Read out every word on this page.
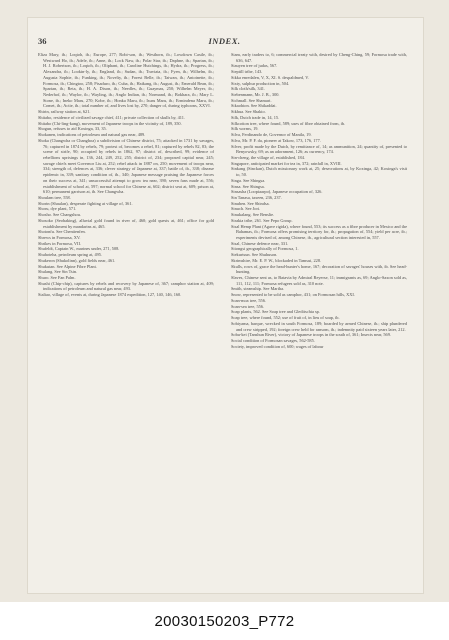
36	INDEX.

Eliza Mary, ib.; Loqtoh, ib.; Europe, 277; Robi-son, ib.; Westhorn, ib.; Lowdown Castle, ib.; Westward Ho, ib.; Adele, ib.; Anne, ib.; Lock Naw, ib.; Polar Star, ib.; Daphne, ib.; Spartan, ib.; H. J. Robertson, ib.; Loqtoh, ib.; Oliphant, ib.; Caroline Hutchings, ib.; Hydra, ib.; Progress, ib.; Alexandra, ib.; Lookin-ly, ib.; England, ib.; Sudan, ib.; Traviata, ib.; Fyen, ib.; Wilhelm, ib.; Augusta Sophie, ib.; Funking, ib.; Novelty, ib.; Forest Belle, ib.; Taiwan, ib.; Antoinette, ib.; Formosa, ib.; Chingtoo, 258; Pisaduro, ib.; Cuba, ib.; Haikang, ib.; August, ib.; Emerald Bean, ib.; Spartan, ib.; Reta, ib.; H. A. Dixon, ib.; Needles, ib.; Guaymas, 250; Wilhelm Meyer, ib.; Nederhof, ib.; Waylor, ib.; Wayling, ib.; Anglo Indian, ib.; Normand, ib.; Bokhara, ib.; Mary L. Stone, ib.; Ineko Maru, 270; Kobe, ib.; Honka Maru, ib.; Isuru Maru, ib.; Ermindena Maru, ib.; Comet, ib.; Actie, ib.; total number of, and lives lost by, 270; danger of, during typhoons, XXVI.

Shirin, railway station at, 621.

Shitabo, residence of civilized savage chief, 411; private collection of skulls by, 411.

Shitabo (Chi-ling-kang), movement of Japanese troops in the vicinity of, 189, 350.

Shogun, refuses to aid Koxinga, 33, 35.

Shokanen, indications of petroleum and natural gas near, 489.

Shoka (Changwha or Changhoa) a subdivision of Chinese district, 75; attacked in 1731 by savages, 76; captured in 1874 by rebels, 79; protest of, becomes a rebel, 81; captured by rebels 82, 83; the scene of strife, 90; occupied by rebels in 1862, 97; district of, described, 99; evidence of rebellions uprisings in, 136, 244, 249, 252, 255; district of, 234; proposed capital near, 245; savage chiefs meet Governor Liu at, 252; rebel attack in 1887 on, 250; movement of troops near, 334; strength of, defences at, 336; clever strategy of Japanese at, 337; battle of, ib., 338; disease epidemic in, 339; sanitary condition of, ib., 340; Japanese message praising the Japanese forces on their success at, 341; unsuccessful attempt to grow tea near, 390; seven fans made at, 556; establishment of school at, 597; normal school for Chinese at, 602; district seat at, 609; prison at, 610; permanent garrison at, ib. See Changwha.

Shoulam tree, 558.

Shorin (Shaulan), desperate fighting at village of, 361.

Shoru, dye plant, 571.

Shosho. See Changshou.

Shosoko (Seobaking), alluvial gold found in river of, 460; gold quests at, 461; office for gold establishment by mandarins at, 465.

Shotonfu. See Chentienfen.

Shrews in Formosa, XV.

Shrikes in Formosa, VII.

Shufeldt, Captain W., marines under, 271, 508.

Shuhoteha, petroleum spring at, 495.

Shukeron (Shukolinn), gold fields near, 461.

Shukutan. See Alpine Fibre Plant.

Shulang. See Sin Tsin.

Shuro. See Fan Palm.

Shushi (Chip-chip), captures by rebels and recovery by Japanese of, 367; camphor station at, 409; indications of petroleum and natural gas near, 493.

Sialiao, village of, events at, during Japanese 1874 expedition, 127, 140, 146, 160.

Siam, early traders to, 6; commercial treaty with, desired by Cheng-Ching, 59; Formosa trade with, 636, 647.

Siauyen tree of judas, 567.

Sieptill tribe, 143.

Sikka enredalen, V, X, XI. S. despaldmed, V.

Sixty, sulphur production in, 504.

Silk cloth/silk, 341.

Siebenmann, Mr. J. B., 300.

Sichmall. See Shamari.

Sikaohion. See Shikaddai.

Sikhua. See Shakio.

Silk, Dutch trade in, 14, 15.

Silkcotton tree, where found, 589; uses of fibre obtained from, ib.

Silk worms, 19.

Silva, Ferdinando de, Governor of Manila, 19.

Silva, Mr. P. F. da, pioneer at Takow, 173, 176, 177.

Silver, profit made by the Dutch, by remittance of, 14; as ammunition, 24; quantity of, presented to Benyowsky, 69; as an adornment, 126; as currency, 174.

Sin-cheng, the village of, established, 184.

Singapore, anticipated market for tea in, 372; rainfall in, XVIII.

Sinkang (Sinckan), Dutch missionary work at, 25; desecrations at, by Koxinga, 42; Koxinga's visit to, 50.

Singa. See Shingsa.

Sinsa. See Shingsa.

Sinsasha (Loopiaarpo), Japanese occupation of, 326.

Sin Tanasa, taxeen, 236, 237.

Sinuben. See Shindsa.

Sinuch. See Jori.

Sinukalang. See Benslie.

Sirakia tribe, 261. See Pepo Group.

Sisal Hemp Plant (Agave rigida), where found, 553; its success as a fibre producer in Mexico and the Bahamas, ib.; Formosa offers promising territory for, ib.; propagation of, 554; yield per acre, ib.; experiments devised of, among Chinese, ib., agricultural section interested in, 557.

Sisal, Chinese defence near, 331.

Sitongsi geographically of Formosa, 1.

Siekurtsun. See Shuhuson.

Skrimshire, Mr. E. P. W., blockaded in Tamsui, 228.

Skulls, rows of, grace the head-hunter's home, 167; decoration of savages' houses with, ib. See head-hunting.

Slaves, Chinese sent as, to Batavia by Admiral Reyerse, 11; immigrants as, 69; Anglo-Saxon sold as, 111, 112, 111; Formosa refugees sold as, 310 note.

Smith, steamship. See Martha.

Snow, represented to be sold as camphor, 431; on Formosan hills, XXI.

Soan-moa tree, 556.

Soan-sea tree, 556.

Soap plants, 562. See Soap tree and Gleditschia sp.

Soap tree, where found, 552; use of fruit of, in lieu of soap, ib.

Sobiyama, barque, wrecked in south Formosa, 189; boarded by armed Chinese, ib.; ship plundered and crew stripped, 192; foreign crew held for ransom, ib.; indemnity paid sixteen years later, 212.

Sobu-kei (Tanshun River), victory of Japanese troops in the south of, 361; Insects near, 569.

Social condition of Formosan savages, 562-585.

Society, improved condition of, 600; wages of labour

20030150203_P772
